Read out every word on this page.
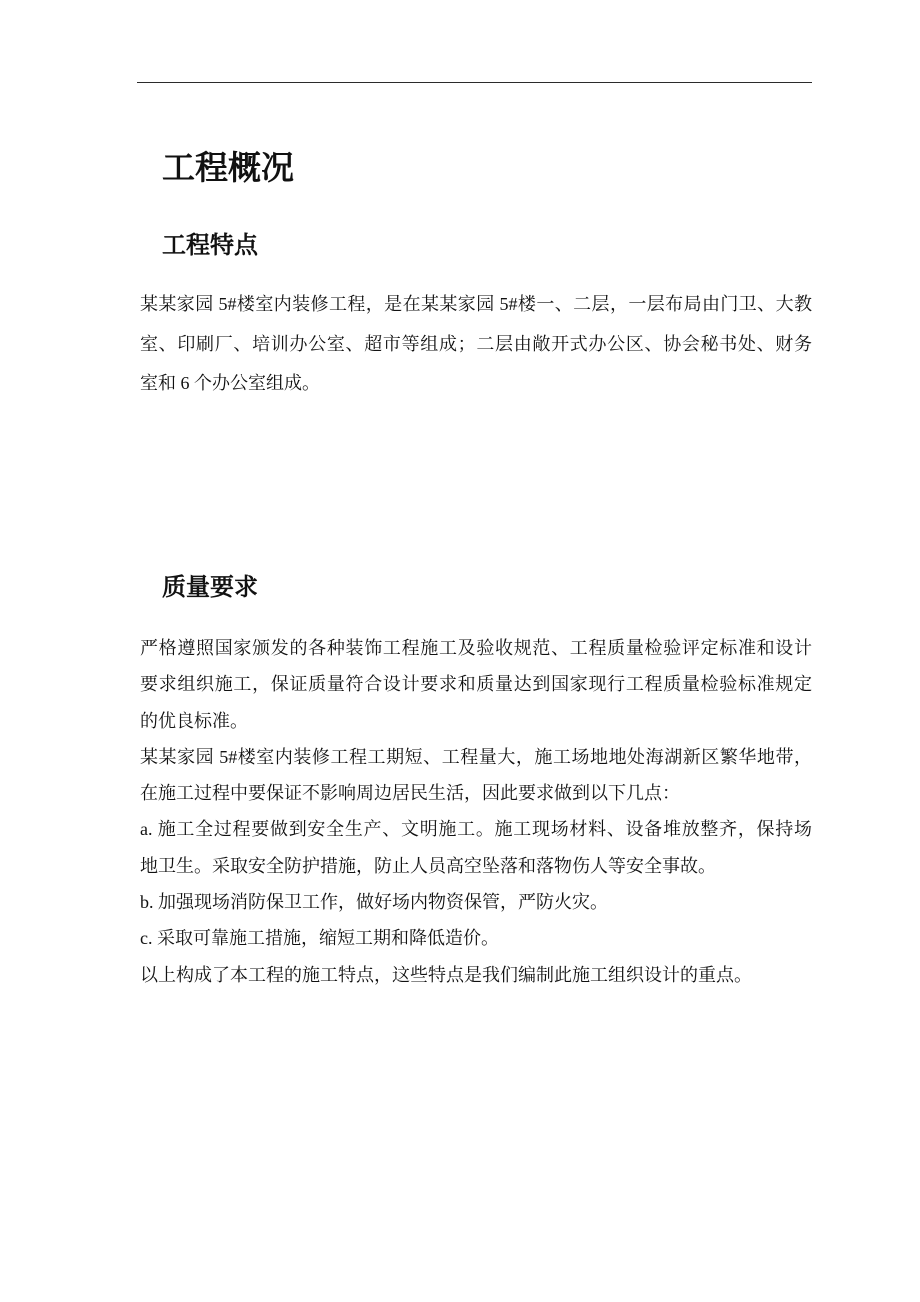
工程概况
工程特点
某某家园 5#楼室内装修工程，是在某某家园 5#楼一、二层，一层布局由门卫、大教
室、印刷厂、培训办公室、超市等组成；二层由敞开式办公区、协会秘书处、财务
室和 6 个办公室组成。
质量要求
严格遵照国家颁发的各种装饰工程施工及验收规范、工程质量检验评定标准和设计
要求组织施工，保证质量符合设计要求和质量达到国家现行工程质量检验标准规定
的优良标准。
某某家园 5#楼室内装修工程工期短、工程量大，施工场地地处海湖新区繁华地带，
在施工过程中要保证不影响周边居民生活，因此要求做到以下几点：
a. 施工全过程要做到安全生产、文明施工。施工现场材料、设备堆放整齐，保持场
地卫生。采取安全防护措施，防止人员高空坠落和落物伤人等安全事故。
b. 加强现场消防保卫工作，做好场内物资保管，严防火灾。
c. 采取可靠施工措施，缩短工期和降低造价。
以上构成了本工程的施工特点，这些特点是我们编制此施工组织设计的重点。
